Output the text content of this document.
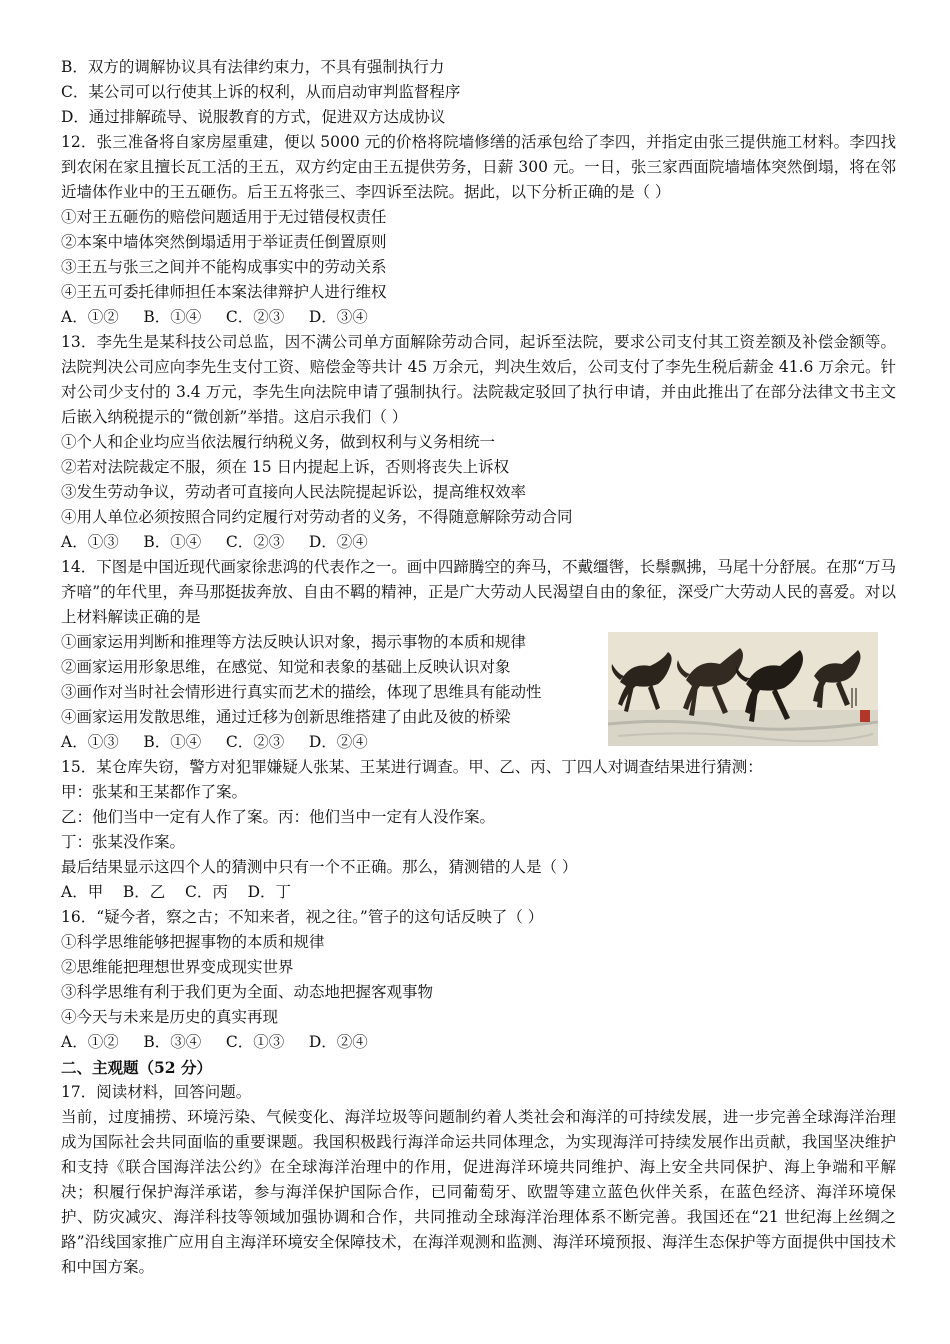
B．双方的调解协议具有法律约束力，不具有强制执行力
C．某公司可以行使其上诉的权利，从而启动审判监督程序
D．通过排解疏导、说服教育的方式，促进双方达成协议
12．张三准备将自家房屋重建，便以 5000 元的价格将院墙修缮的活承包给了李四，并指定由张三提供施工材料。李四找到农闲在家且擅长瓦工活的王五，双方约定由王五提供劳务，日薪 300 元。一日，张三家西面院墙墙体突然倒塌，将在邻近墙体作业中的王五砸伤。后王五将张三、李四诉至法院。据此，以下分析正确的是（ ）
①对王五砸伤的赔偿问题适用于无过错侵权责任
②本案中墙体突然倒塌适用于举证责任倒置原则
③王五与张三之间并不能构成事实中的劳动关系
④王五可委托律师担任本案法律辩护人进行维权
A．①②     B．①④     C．②③     D．③④
13．李先生是某科技公司总监，因不满公司单方面解除劳动合同，起诉至法院，要求公司支付其工资差额及补偿金额等。法院判决公司应向李先生支付工资、赔偿金等共计 45 万余元，判决生效后，公司支付了李先生税后薪金 41.6 万余元。针对公司少支付的 3.4 万元，李先生向法院申请了强制执行。法院裁定驳回了执行申请，并由此推出了在部分法律文书主文后嵌入纳税提示的“微创新”举措。这启示我们（ ）
①个人和企业均应当依法履行纳税义务，做到权利与义务相统一
②若对法院裁定不服，须在 15 日内提起上诉，否则将丧失上诉权
③发生劳动争议，劳动者可直接向人民法院提起诉讼，提高维权效率
④用人单位必须按照合同约定履行对劳动者的义务，不得随意解除劳动合同
A．①③     B．①④     C．②③     D．②④
14．下图是中国近现代画家徐悲鸿的代表作之一。画中四蹄腾空的奔马，不戴缰辔，长鬃飘拂，马尾十分舒展。在那“万马齐喑”的年代里，奔马那挺拔奔放、自由不羁的精神，正是广大劳动人民渴望自由的象征，深受广大劳动人民的喜爱。对以上材料解读正确的是
①画家运用判断和推理等方法反映认识对象，揭示事物的本质和规律
②画家运用形象思维，在感觉、知觉和表象的基础上反映认识对象
③画作对当时社会情形进行真实而艺术的描绘，体现了思维具有能动性
④画家运用发散思维，通过迁移为创新思维搭建了由此及彼的桥梁
A．①③     B．①④     C．②③     D．②④
15．某仓库失窃，警方对犯罪嫌疑人张某、王某进行调查。甲、乙、丙、丁四人对调查结果进行猜测：
甲：张某和王某都作了案。
乙：他们当中一定有人作了案。丙：他们当中一定有人没作案。
丁：张某没作案。
最后结果显示这四个人的猜测中只有一个不正确。那么，猜测错的人是（ ）
A．甲    B．乙    C．丙    D．丁
16．“疑今者，察之古；不知来者，视之往。”管子的这句话反映了（ ）
①科学思维能够把握事物的本质和规律
②思维能把理想世界变成现实世界
③科学思维有利于我们更为全面、动态地把握客观事物
④今天与未来是历史的真实再现
A．①②     B．③④     C．①③     D．②④
二、主观题（52 分）
17．阅读材料，回答问题。
当前，过度捕捞、环境污染、气候变化、海洋垃圾等问题制约着人类社会和海洋的可持续发展，进一步完善全球海洋治理成为国际社会共同面临的重要课题。我国积极践行海洋命运共同体理念，为实现海洋可持续发展作出贡献，我国坚决维护和支持《联合国海洋法公约》在全球海洋治理中的作用，促进海洋环境共同维护、海上安全共同保护、海上争端和平解决；积履行保护海洋承诺，参与海洋保护国际合作，已同葡萄牙、欧盟等建立蓝色伙伴关系，在蓝色经济、海洋环境保护、防灾减灾、海洋科技等领域加强协调和合作，共同推动全球海洋治理体系不断完善。我国还在“21 世纪海上丝绸之路”沿线国家推广应用自主海洋环境安全保障技术，在海洋观测和监测、海洋环境预报、海洋生态保护等方面提供中国技术和中国方案。
